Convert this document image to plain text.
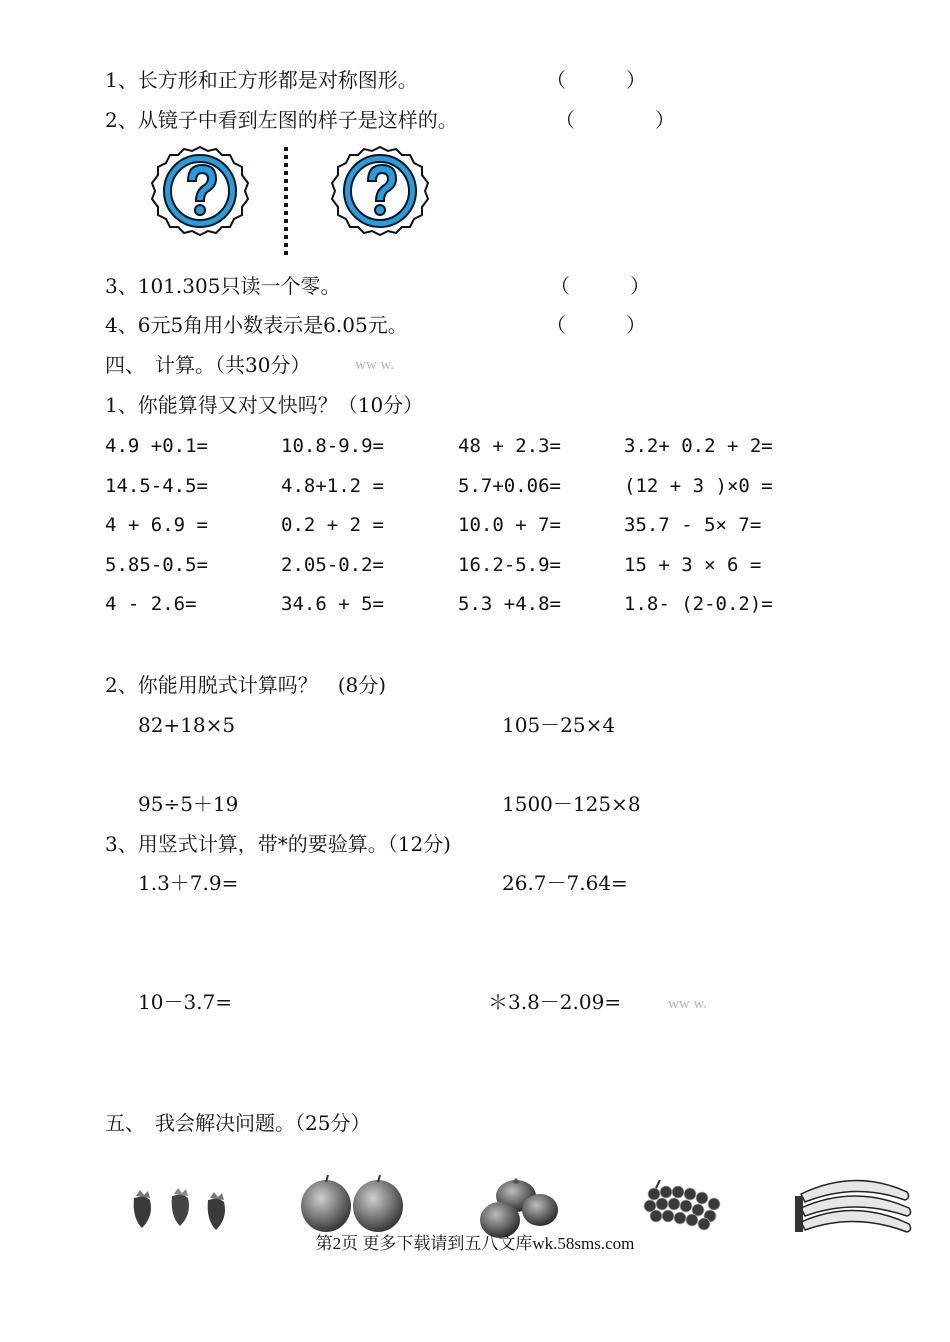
1、长方形和正方形都是对称图形。	（　　　）
2、从镜子中看到左图的样子是这样的。	（　　　　）
3、101.305只读一个零。	（　　　）
4、6元5角用小数表示是6.05元。	（　　　）
四、　计算。（共30分）	ww w.
1、你能算得又对又快吗？（10分）
4.9 +0.1=	10.8-9.9=	48 + 2.3=	3.2+ 0.2 + 2=
14.5-4.5=	4.8+1.2 =	5.7+0.06=	(12 + 3 )×0 =
4 + 6.9 =	0.2 + 2 =	10.0 + 7=	35.7 - 5× 7=
5.85-0.5=	2.05-0.2=	16.2-5.9=	15 + 3 × 6 =
4 - 2.6=	34.6 + 5=	5.3 +4.8=	1.8- (2-0.2)=
2、你能用脱式计算吗？　(8分)
82+18×5	105－25×4
95÷5＋19	1500－125×8
3、用竖式计算，带*的要验算。（12分)
1.3＋7.9=	26.7－7.64=
10－3.7=	＊3.8－2.09=	ww w.
五、　我会解决问题。（25分）
第2页 更多下载请到五八文库wk.58sms.com
